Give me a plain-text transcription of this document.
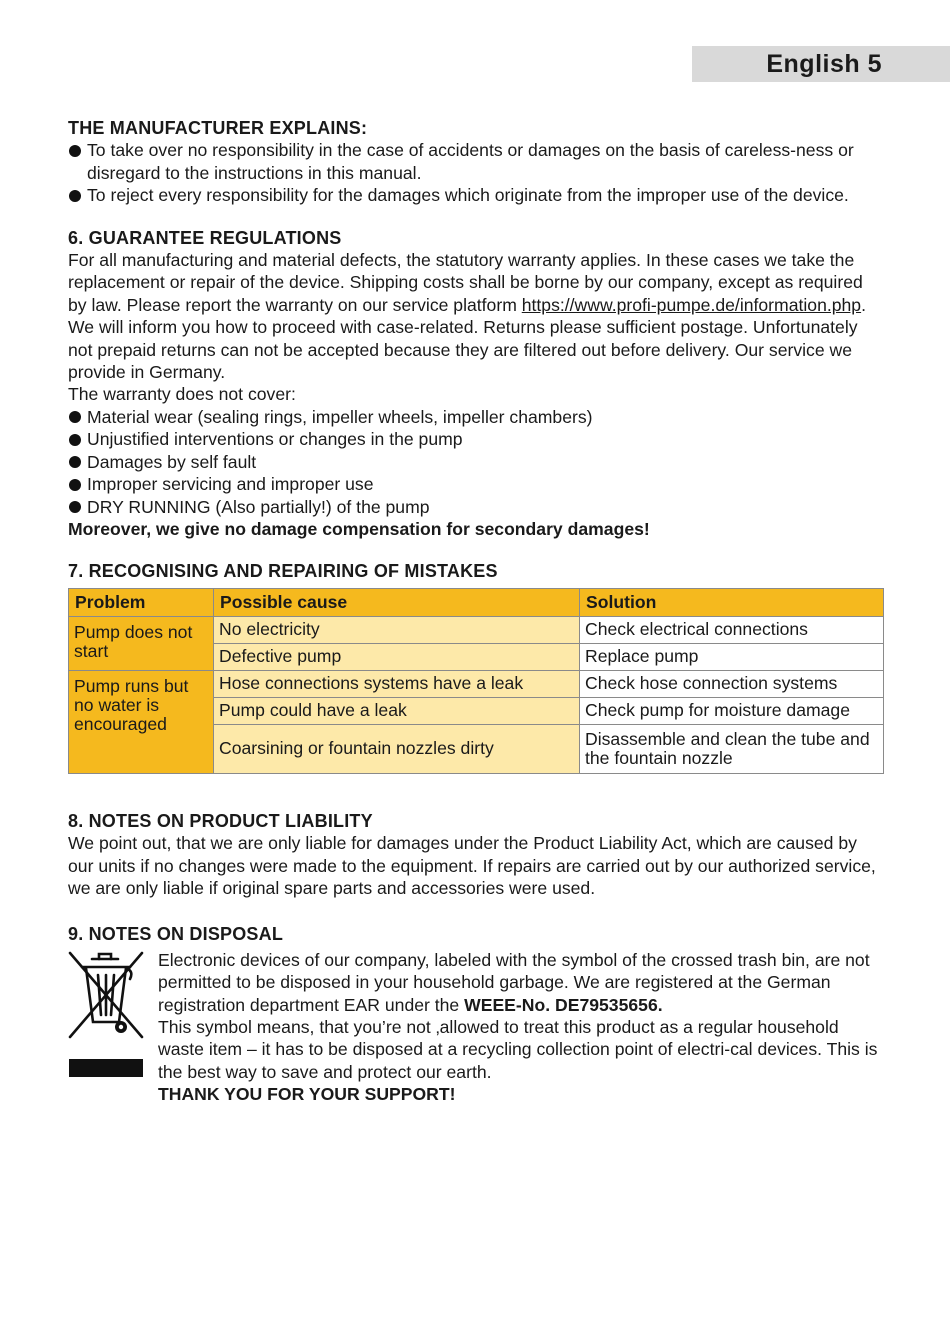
English 5
THE MANUFACTURER EXPLAINS:
To take over no responsibility in the case of accidents or damages on the basis of careless-ness or disregard to the instructions in this manual.
To reject every responsibility for the damages which originate from the improper use of the device.
6. GUARANTEE REGULATIONS

For all manufacturing and material defects, the statutory warranty applies. In these cases we take the replacement or repair of the device. Shipping costs shall be borne by our company, except as required by law. Please report the warranty on our service platform https://www.profi-pumpe.de/information.php. We will inform you how to proceed with case-related. Returns please sufficient postage. Unfortunately not prepaid returns can not be accepted because they are filtered out before delivery. Our service we provide in Germany.

The warranty does not cover:

Material wear (sealing rings, impeller wheels, impeller chambers)
Unjustified interventions or changes in the pump
Damages by self fault
Improper servicing and improper use
DRY RUNNING (Also partially!) of the pump

Moreover, we give no damage compensation for secondary damages!

7. RECOGNISING AND REPAIRING OF MISTAKES
Problem	Possible cause	Solution
Pump does not start	No electricity	Check electrical connections
	Defective pump	Replace pump
Pump runs but no water is encouraged	Hose connections systems have a leak	Check hose connection systems
	Pump could have a leak	Check pump for moisture damage
	Coarsining or fountain nozzles dirty	Disassemble and clean the tube and the fountain nozzle
8. NOTES ON PRODUCT LIABILITY

We point out, that we are only liable for damages under the Product Liability Act, which are caused by our units if no changes were made to the equipment. If repairs are carried out by our authorized service, we are only liable if original spare parts and accessories were used.

9. NOTES ON DISPOSAL

Electronic devices of our company, labeled with the symbol of the crossed trash bin, are not permitted to be disposed in your household garbage. We are registered at the German registration department EAR under the WEEE-No. DE79535656.

This symbol means, that you’re not ‚allowed to treat this product as a regular household waste item – it has to be disposed at a recycling collection point of electri-cal devices. This is the best way to save and protect our earth.

THANK YOU FOR YOUR SUPPORT!
